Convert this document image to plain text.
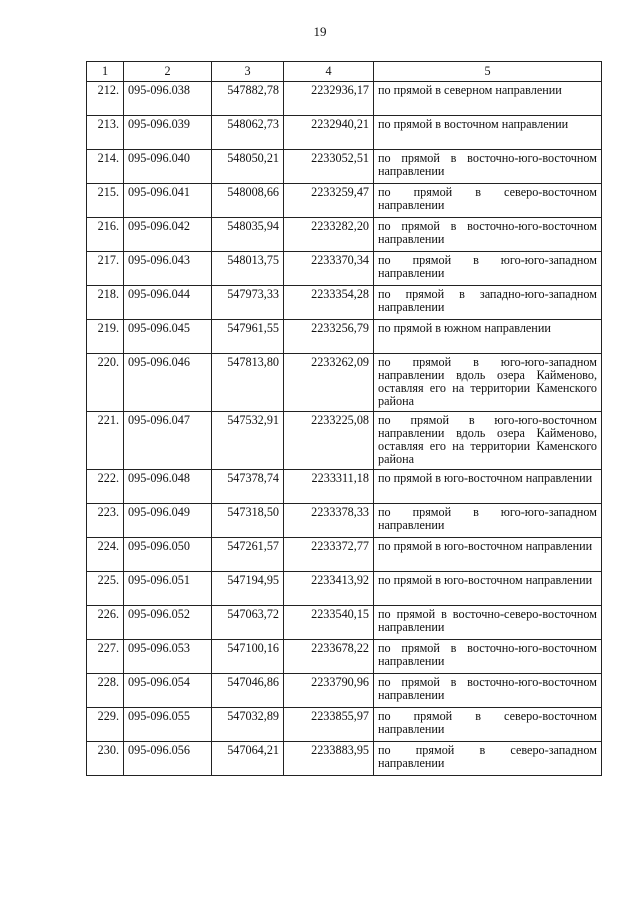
19
1	2	3	4	5
212.	095-096.038	547882,78	2232936,17	по прямой в северном направлении
213.	095-096.039	548062,73	2232940,21	по прямой в восточном направлении
214.	095-096.040	548050,21	2233052,51	по прямой в восточно-юго-восточном направлении
215.	095-096.041	548008,66	2233259,47	по прямой в северо-восточном направлении
216.	095-096.042	548035,94	2233282,20	по прямой в восточно-юго-восточном направлении
217.	095-096.043	548013,75	2233370,34	по прямой в юго-юго-западном направлении
218.	095-096.044	547973,33	2233354,28	по прямой в западно-юго-западном направлении
219.	095-096.045	547961,55	2233256,79	по прямой в южном направлении
220.	095-096.046	547813,80	2233262,09	по прямой в юго-юго-западном направлении вдоль озера Кайменово, оставляя его на территории Каменского района
221.	095-096.047	547532,91	2233225,08	по прямой в юго-юго-восточном направлении вдоль озера Кайменово, оставляя его на территории Каменского района
222.	095-096.048	547378,74	2233311,18	по прямой в юго-восточном направлении
223.	095-096.049	547318,50	2233378,33	по прямой в юго-юго-западном направлении
224.	095-096.050	547261,57	2233372,77	по прямой в юго-восточном направлении
225.	095-096.051	547194,95	2233413,92	по прямой в юго-восточном направлении
226.	095-096.052	547063,72	2233540,15	по прямой в восточно-северо-восточном направлении
227.	095-096.053	547100,16	2233678,22	по прямой в восточно-юго-восточном направлении
228.	095-096.054	547046,86	2233790,96	по прямой в восточно-юго-восточном направлении
229.	095-096.055	547032,89	2233855,97	по прямой в северо-восточном направлении
230.	095-096.056	547064,21	2233883,95	по прямой в северо-западном направлении
